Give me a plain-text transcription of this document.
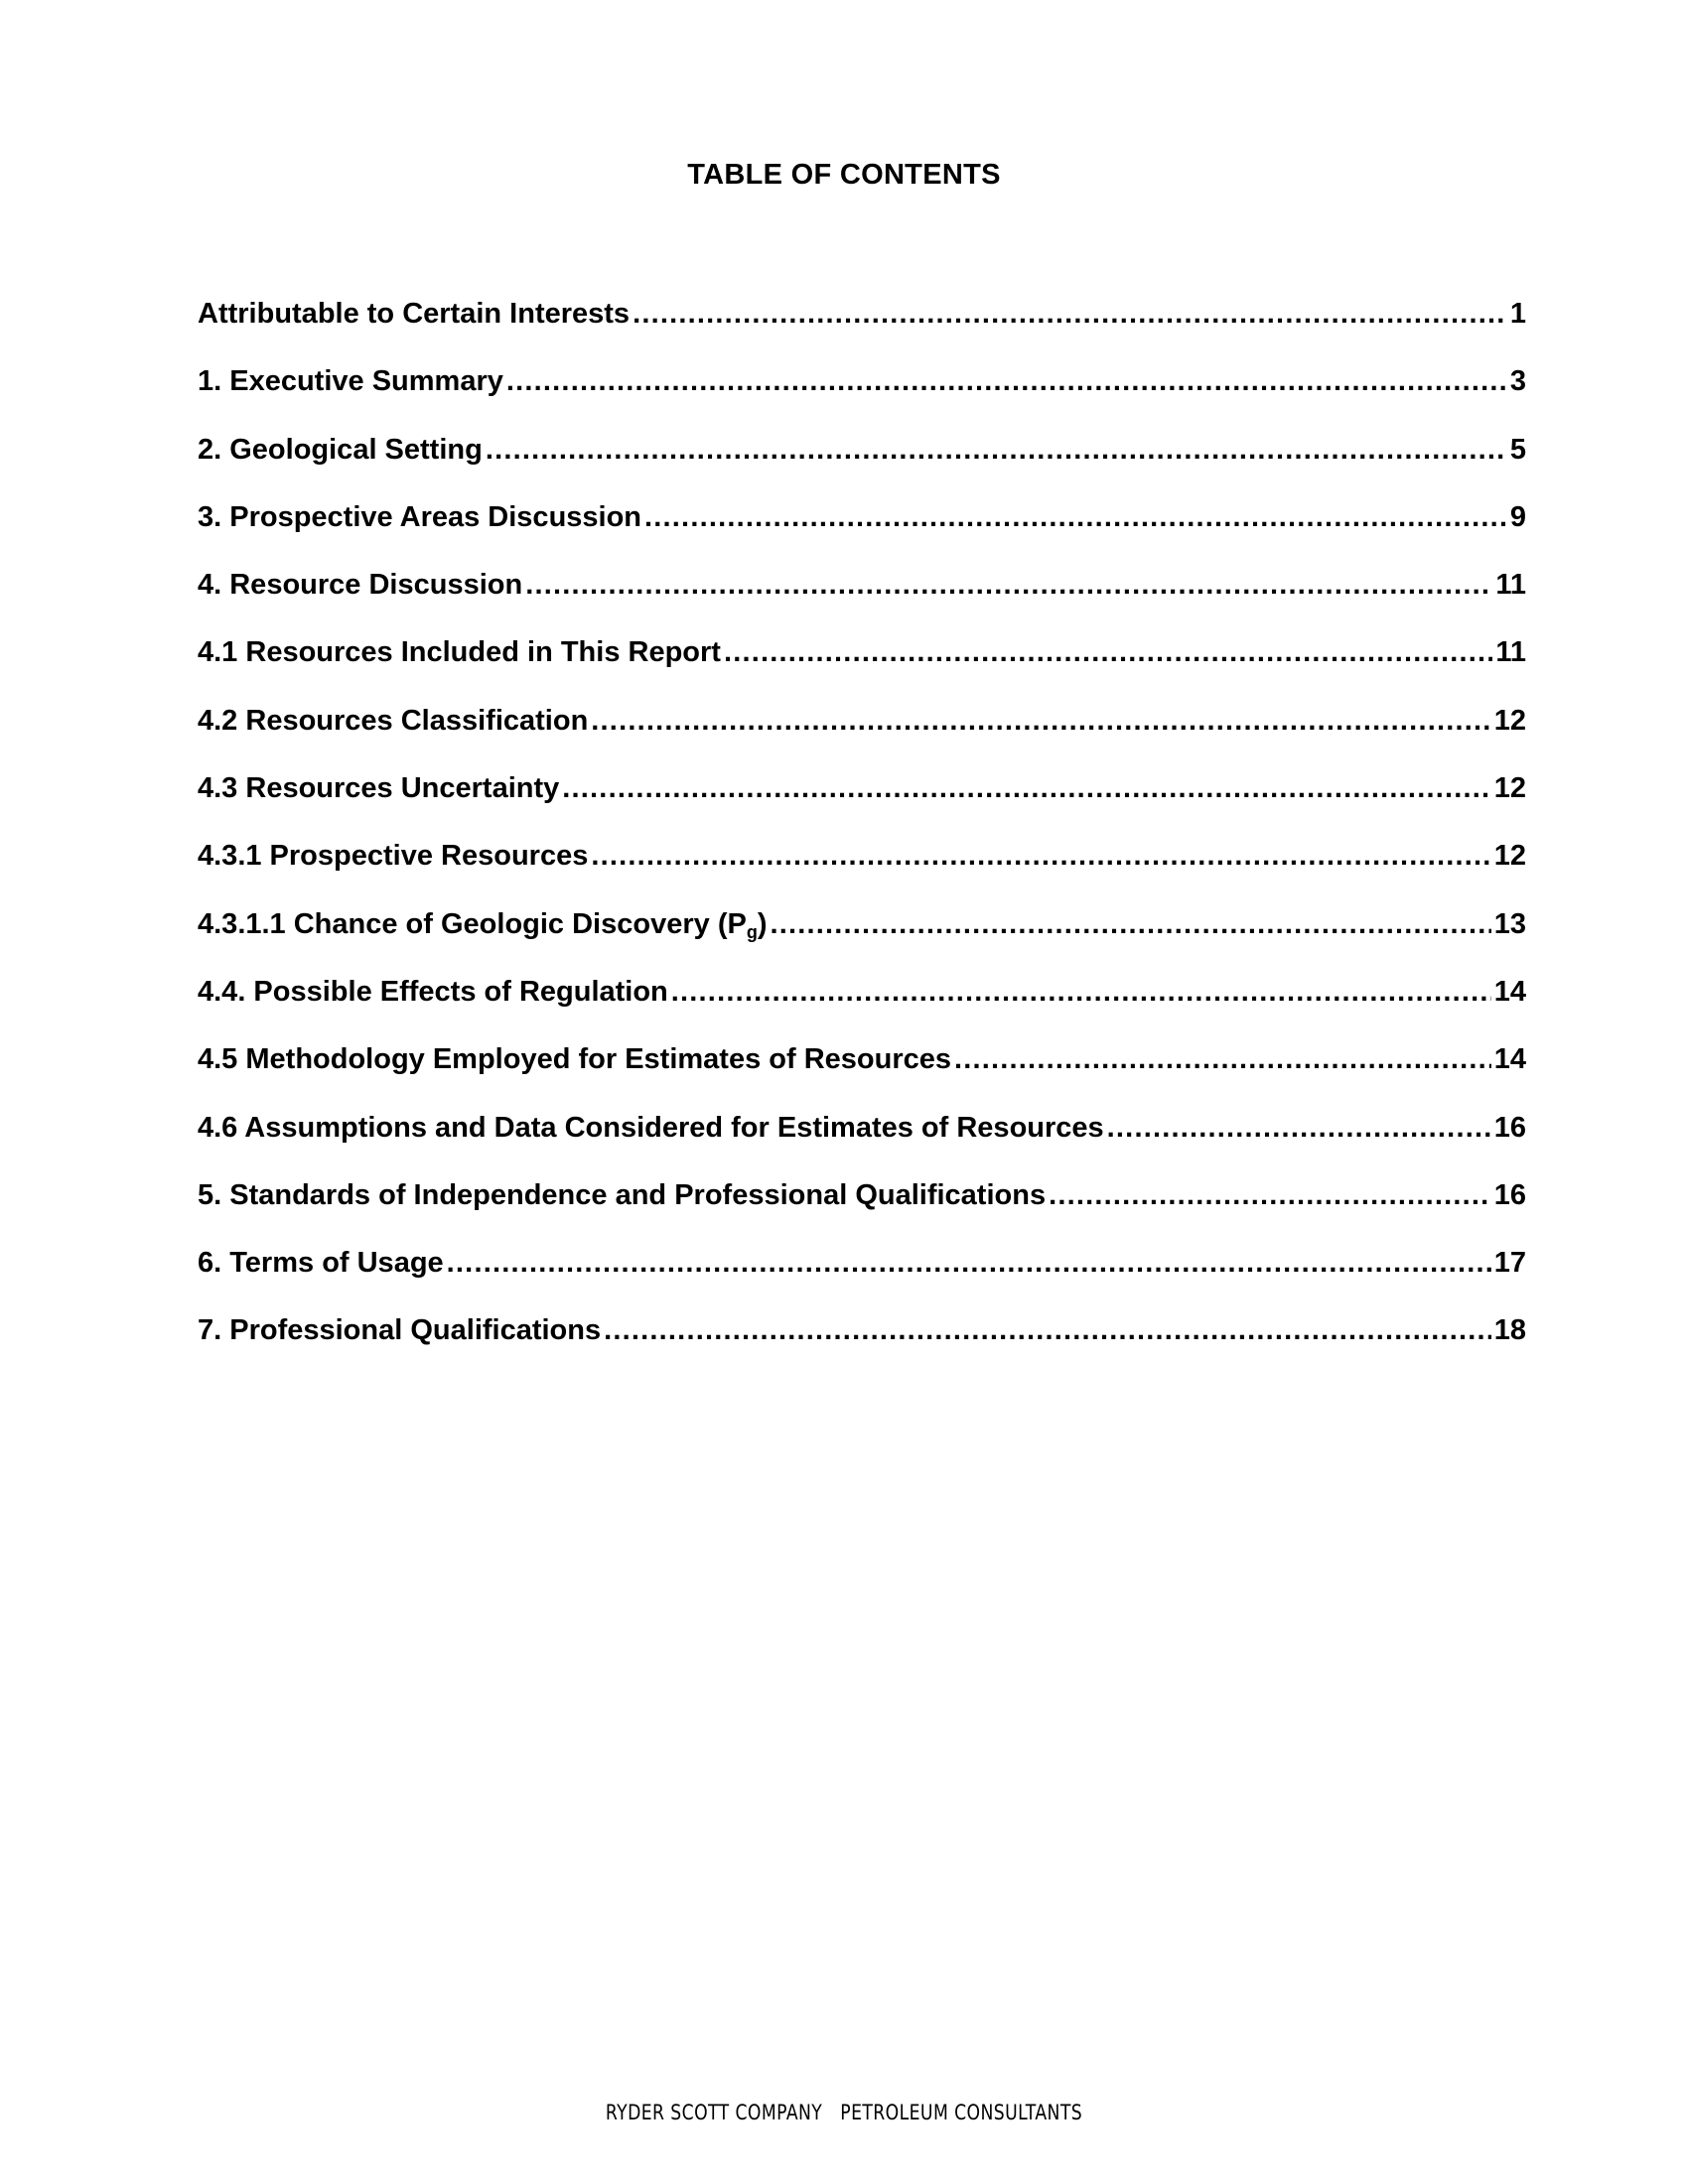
TABLE OF CONTENTS
Attributable to Certain Interests .....	1
1. Executive Summary .....	3
2. Geological Setting .....	5
3. Prospective Areas Discussion .....	9
4. Resource Discussion .....	11
4.1 Resources Included in This Report .....	11
4.2 Resources Classification .....	12
4.3 Resources Uncertainty .....	12
4.3.1 Prospective Resources .....	12
4.3.1.1 Chance of Geologic Discovery $(P_g)$ .....	13
4.4. Possible Effects of Regulation .....	14
4.5 Methodology Employed for Estimates of Resources .....	14
4.6 Assumptions and Data Considered for Estimates of Resources .....	16
5. Standards of Independence and Professional Qualifications .....	16
6. Terms of Usage .....	17
7. Professional Qualifications .....	18
RYDER SCOTT COMPANY PETROLEUM CONSULTANTS
